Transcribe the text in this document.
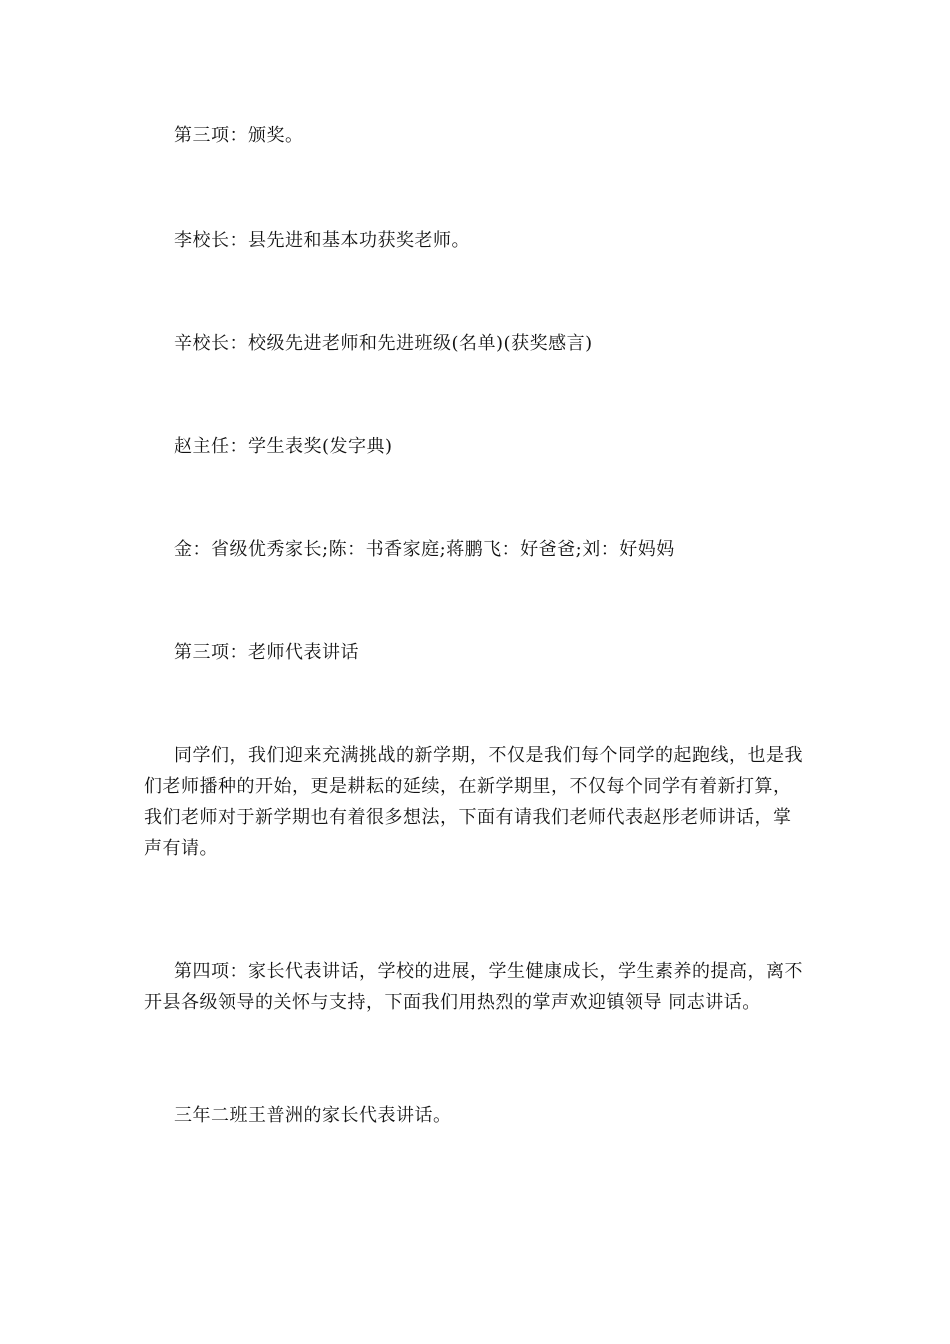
第三项：颁奖。

李校长：县先进和基本功获奖老师。

辛校长：校级先进老师和先进班级(名单)(获奖感言)

赵主任：学生表奖(发字典)

金：省级优秀家长;陈：书香家庭;蒋鹏飞：好爸爸;刘：好妈妈

第三项：老师代表讲话

同学们，我们迎来充满挑战的新学期，不仅是我们每个同学的起跑线，也是我们老师播种的开始，更是耕耘的延续，在新学期里，不仅每个同学有着新打算，我们老师对于新学期也有着很多想法，下面有请我们老师代表赵彤老师讲话，掌声有请。

第四项：家长代表讲话，学校的进展，学生健康成长，学生素养的提高，离不开县各级领导的关怀与支持，下面我们用热烈的掌声欢迎镇领导 同志讲话。

三年二班王普洲的家长代表讲话。
